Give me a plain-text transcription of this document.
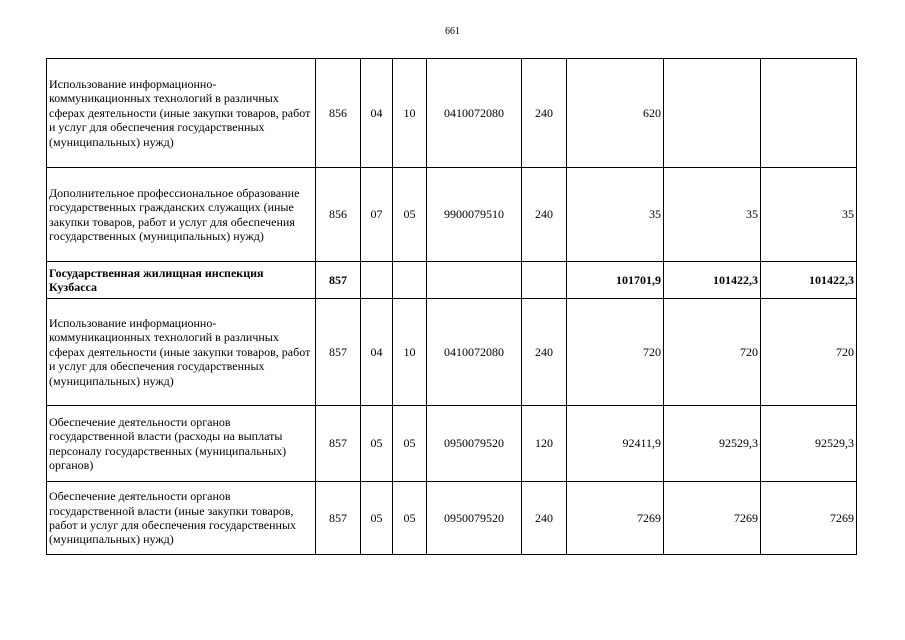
661
Использование информационно-коммуникационных технологий в различных сферах деятельности (иные закупки товаров, работ и услуг для обеспечения государственных (муниципальных) нужд)	856	04	10	0410072080	240	620		
Дополнительное профессиональное образование государственных гражданских служащих (иные закупки товаров, работ и услуг для обеспечения государственных (муниципальных) нужд)	856	07	05	9900079510	240	35	35	35
Государственная жилищная инспекция Кузбасса	857					101701,9	101422,3	101422,3
Использование информационно-коммуникационных технологий в различных сферах деятельности (иные закупки товаров, работ и услуг для обеспечения государственных (муниципальных) нужд)	857	04	10	0410072080	240	720	720	720
Обеспечение деятельности органов государственной власти (расходы на выплаты персоналу государственных (муниципальных) органов)	857	05	05	0950079520	120	92411,9	92529,3	92529,3
Обеспечение деятельности органов государственной власти (иные закупки товаров, работ и услуг для обеспечения государственных (муниципальных) нужд)	857	05	05	0950079520	240	7269	7269	7269
